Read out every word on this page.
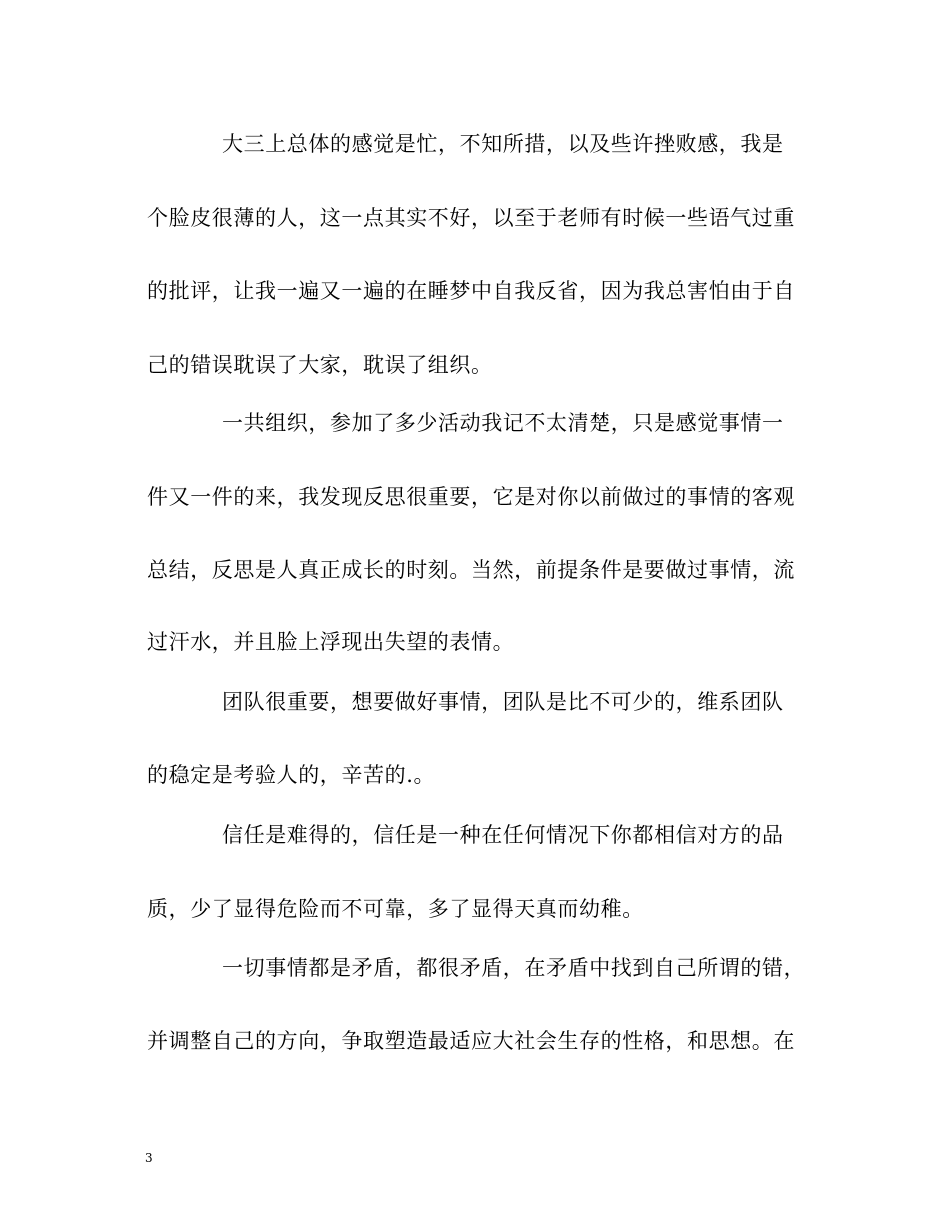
大三上总体的感觉是忙，不知所措，以及些许挫败感，我是
个脸皮很薄的人，这一点其实不好，以至于老师有时候一些语气过重
的批评，让我一遍又一遍的在睡梦中自我反省，因为我总害怕由于自
己的错误耽误了大家，耽误了组织。
一共组织，参加了多少活动我记不太清楚，只是感觉事情一
件又一件的来，我发现反思很重要，它是对你以前做过的事情的客观
总结，反思是人真正成长的时刻。当然，前提条件是要做过事情，流
过汗水，并且脸上浮现出失望的表情。
团队很重要，想要做好事情，团队是比不可少的，维系团队
的稳定是考验人的，辛苦的.。
信任是难得的，信任是一种在任何情况下你都相信对方的品
质，少了显得危险而不可靠，多了显得天真而幼稚。
一切事情都是矛盾，都很矛盾，在矛盾中找到自己所谓的错，
并调整自己的方向，争取塑造最适应大社会生存的性格，和思想。在
3
